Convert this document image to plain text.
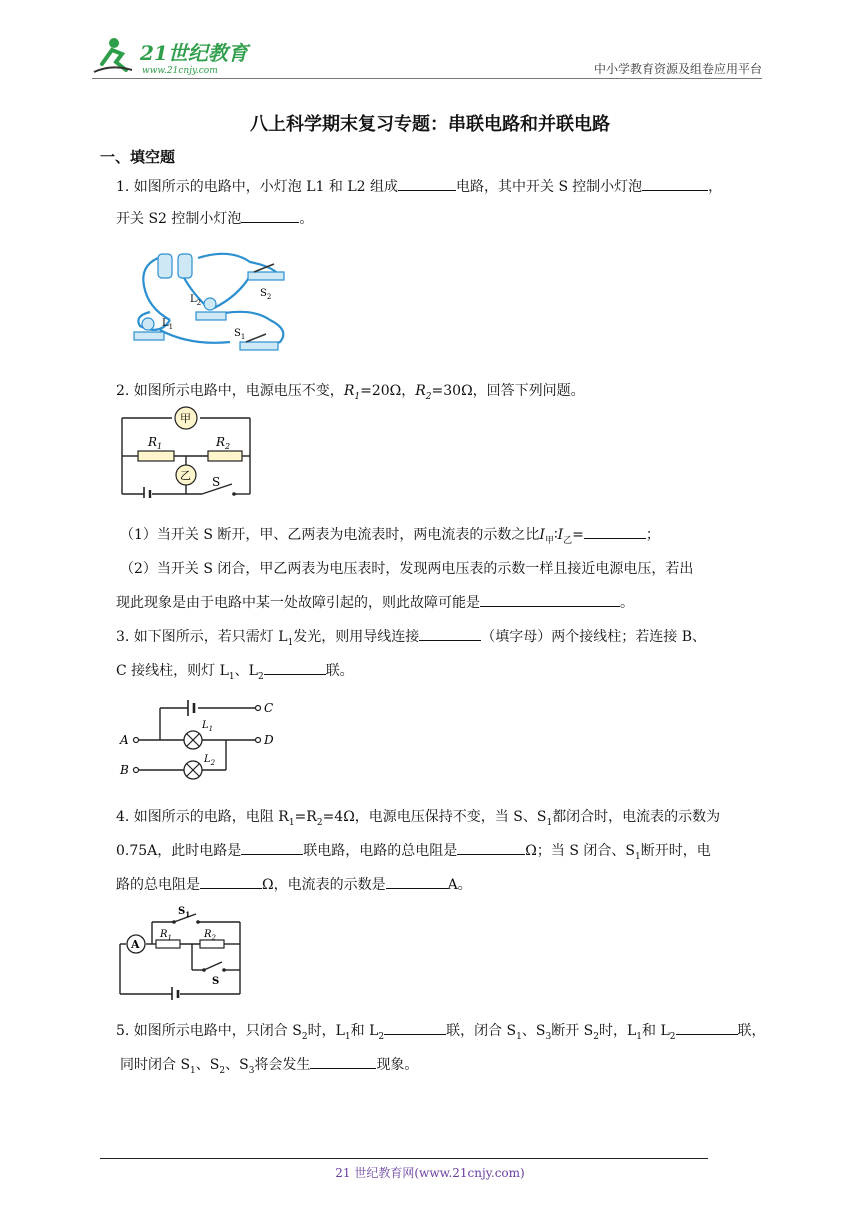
21世纪教育
www.21cnjy.com	中小学教育资源及组卷应用平台
八上科学期末复习专题：串联电路和并联电路
一、填空题
1. 如图所示的电路中，小灯泡 L1 和 L2 组成	电路，其中开关 S 控制小灯泡	，
开关 S2 控制小灯泡	。
$L_2$
$L_1$
$S_2$
$S_1$
2. 如图所示电路中，电源电压不变，$R_1=20\Omega$，$R_2=30\Omega$，回答下列问题。
甲
乙
$R_1$	$R_2$
S
（1）当开关 S 断开，甲、乙两表为电流表时，两电流表的示数之比$I_甲∶I_乙=$	；
（2）当开关 S 闭合，甲乙两表为电压表时，发现两电压表的示数一样且接近电源电压，若出
现此现象是由于电路中某一处故障引起的，则此故障可能是	。
3. 如下图所示，若只需灯 $L_1$发光，则用导线连接	（填字母）两个接线柱；若连接 B、
C 接线柱，则灯 $L_1$、$L_2$	联。
A
B
C
D
$L_1$
$L_2$
4. 如图所示的电路，电阻 $R_1=R_2=4\Omega$，电源电压保持不变，当 S、$S_1$都闭合时，电流表的示数为
0.75A，此时电路是	联电路，电路的总电阻是	Ω；当 S 闭合、$S_1$断开时，电
路的总电阻是	Ω，电流表的示数是	A。
A
$S_1$
$R_1$	$R_2$
S
5. 如图所示电路中，只闭合 $S_2$时，$L_1$和 $L_2$	联，闭合 $S_1$、$S_3$断开 $S_2$时，$L_1$和 $L_2$	联，
同时闭合 $S_1$、$S_2$、$S_3$将会发生	现象。
21 世纪教育网(www.21cnjy.com)
